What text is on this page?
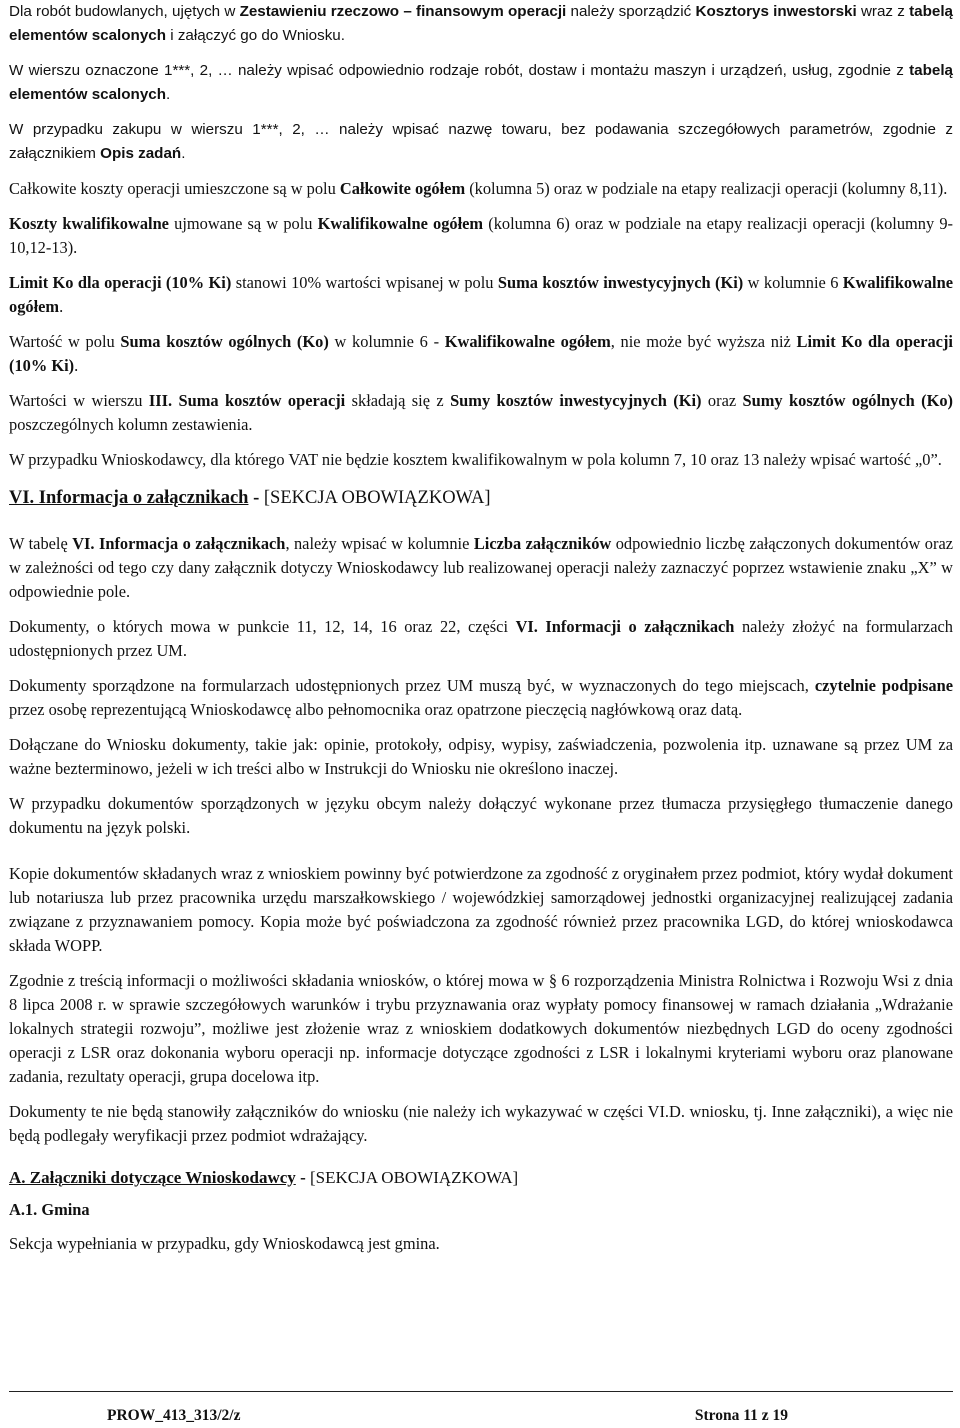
Dla robót budowlanych, ujętych w Zestawieniu rzeczowo – finansowym operacji należy sporządzić Kosztorys inwestorski wraz z tabelą elementów scalonych i załączyć go do Wniosku.

W wierszu oznaczone 1***, 2, … należy wpisać odpowiednio rodzaje robót, dostaw i montażu maszyn i urządzeń, usług, zgodnie z tabelą elementów scalonych.

W przypadku zakupu w wierszu 1***, 2, … należy wpisać nazwę towaru, bez podawania szczegółowych parametrów, zgodnie z załącznikiem Opis zadań.

Całkowite koszty operacji umieszczone są w polu Całkowite ogółem (kolumna 5) oraz w podziale na etapy realizacji operacji (kolumny 8,11).

Koszty kwalifikowalne ujmowane są w polu Kwalifikowalne ogółem (kolumna 6) oraz w podziale na etapy realizacji operacji (kolumny 9-10,12-13).

Limit Ko dla operacji (10% Ki) stanowi 10% wartości wpisanej w polu Suma kosztów inwestycyjnych (Ki) w kolumnie 6 Kwalifikowalne ogółem.

Wartość w polu Suma kosztów ogólnych (Ko) w kolumnie 6 - Kwalifikowalne ogółem, nie może być wyższa niż Limit Ko dla operacji (10% Ki).

Wartości w wierszu III. Suma kosztów operacji składają się z Sumy kosztów inwestycyjnych (Ki) oraz Sumy kosztów ogólnych (Ko) poszczególnych kolumn zestawienia.

W przypadku Wnioskodawcy, dla którego VAT nie będzie kosztem kwalifikowalnym w pola kolumn 7, 10 oraz 13 należy wpisać wartość „0”.

VI. Informacja o załącznikach - [SEKCJA OBOWIĄZKOWA]

W tabelę VI. Informacja o załącznikach, należy wpisać w kolumnie Liczba załączników odpowiednio liczbę załączonych dokumentów oraz w zależności od tego czy dany załącznik dotyczy Wnioskodawcy lub realizowanej operacji należy zaznaczyć poprzez wstawienie znaku „X” w odpowiednie pole.

Dokumenty, o których mowa w punkcie 11, 12, 14, 16 oraz 22, części VI. Informacji o załącznikach należy złożyć na formularzach udostępnionych przez UM.

Dokumenty sporządzone na formularzach udostępnionych przez UM muszą być, w wyznaczonych do tego miejscach, czytelnie podpisane przez osobę reprezentującą Wnioskodawcę albo pełnomocnika oraz opatrzone pieczęcią nagłówkową oraz datą.

Dołączane do Wniosku dokumenty, takie jak: opinie, protokoły, odpisy, wypisy, zaświadczenia, pozwolenia itp. uznawane są przez UM za ważne bezterminowo, jeżeli w ich treści albo w Instrukcji do Wniosku nie określono inaczej.

W przypadku dokumentów sporządzonych w języku obcym należy dołączyć wykonane przez tłumacza przysięgłego tłumaczenie danego dokumentu na język polski.

Kopie dokumentów składanych wraz z wnioskiem powinny być potwierdzone za zgodność z oryginałem przez podmiot, który wydał dokument lub notariusza lub przez pracownika urzędu marszałkowskiego / wojewódzkiej samorządowej jednostki organizacyjnej realizującej zadania związane z przyznawaniem pomocy. Kopia może być poświadczona za zgodność również przez pracownika LGD, do której wnioskodawca składa WOPP.

Zgodnie z treścią informacji o możliwości składania wniosków, o której mowa w § 6 rozporządzenia Ministra Rolnictwa i Rozwoju Wsi z dnia 8 lipca 2008 r. w sprawie szczegółowych warunków i trybu przyznawania oraz wypłaty pomocy finansowej w ramach działania „Wdrażanie lokalnych strategii rozwoju”, możliwe jest złożenie wraz z wnioskiem dodatkowych dokumentów niezbędnych LGD do oceny zgodności operacji z LSR oraz dokonania wyboru operacji np. informacje dotyczące zgodności z LSR i lokalnymi kryteriami wyboru oraz planowane zadania, rezultaty operacji, grupa docelowa itp.

Dokumenty te nie będą stanowiły załączników do wniosku (nie należy ich wykazywać w części VI.D. wniosku, tj. Inne załączniki), a więc nie będą podlegały weryfikacji przez podmiot wdrażający.

A. Załączniki dotyczące Wnioskodawcy - [SEKCJA OBOWIĄZKOWA]

A.1. Gmina

Sekcja wypełniania w przypadku, gdy Wnioskodawcą jest gmina.

PROW_413_313/2/z	Strona 11 z 19
